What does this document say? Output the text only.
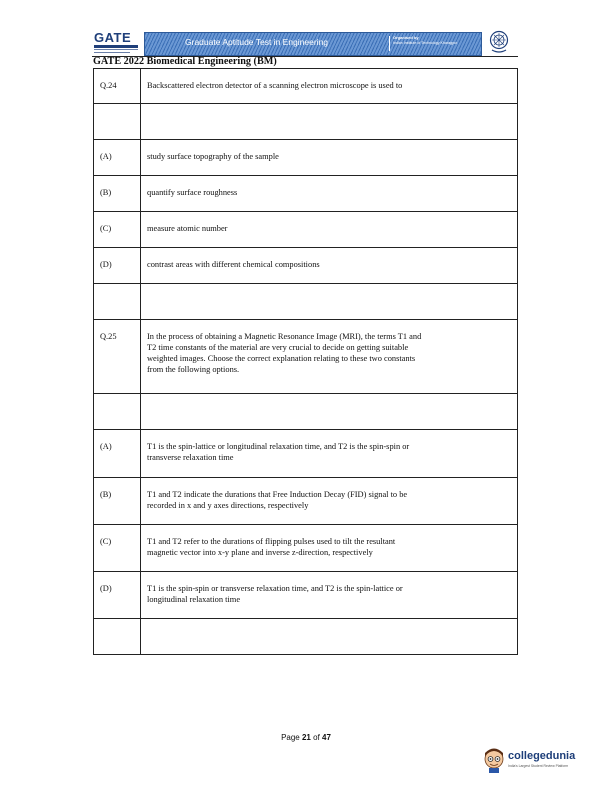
GATE	Graduate Aptitude Test in Engineering	Organised by
Indian Institute of Technology Kharagpur
GATE 2022 Biomedical Engineering (BM)
Q.24	Backscattered electron detector of a scanning electron microscope is used to

(A)	study surface topography of the sample

(B)	quantify surface roughness

(C)	measure atomic number

(D)	contrast areas with different chemical compositions

Q.25	In the process of obtaining a Magnetic Resonance Image (MRI), the terms T1 and
T2 time constants of the material are very crucial to decide on getting suitable
weighted images. Choose the correct explanation relating to these two constants
from the following options.

(A)	T1 is the spin-lattice or longitudinal relaxation time, and T2 is the spin-spin or
transverse relaxation time

(B)	T1 and T2 indicate the durations that Free Induction Decay (FID) signal to be
recorded in x and y axes directions, respectively

(C)	T1 and T2 refer to the durations of flipping pulses used to tilt the resultant
magnetic vector into x-y plane and inverse z-direction, respectively

(D)	T1 is the spin-spin or transverse relaxation time, and T2 is the spin-lattice or
longitudinal relaxation time

Page 21 of 47
collegedunia
India's Largest Student Review Platform
